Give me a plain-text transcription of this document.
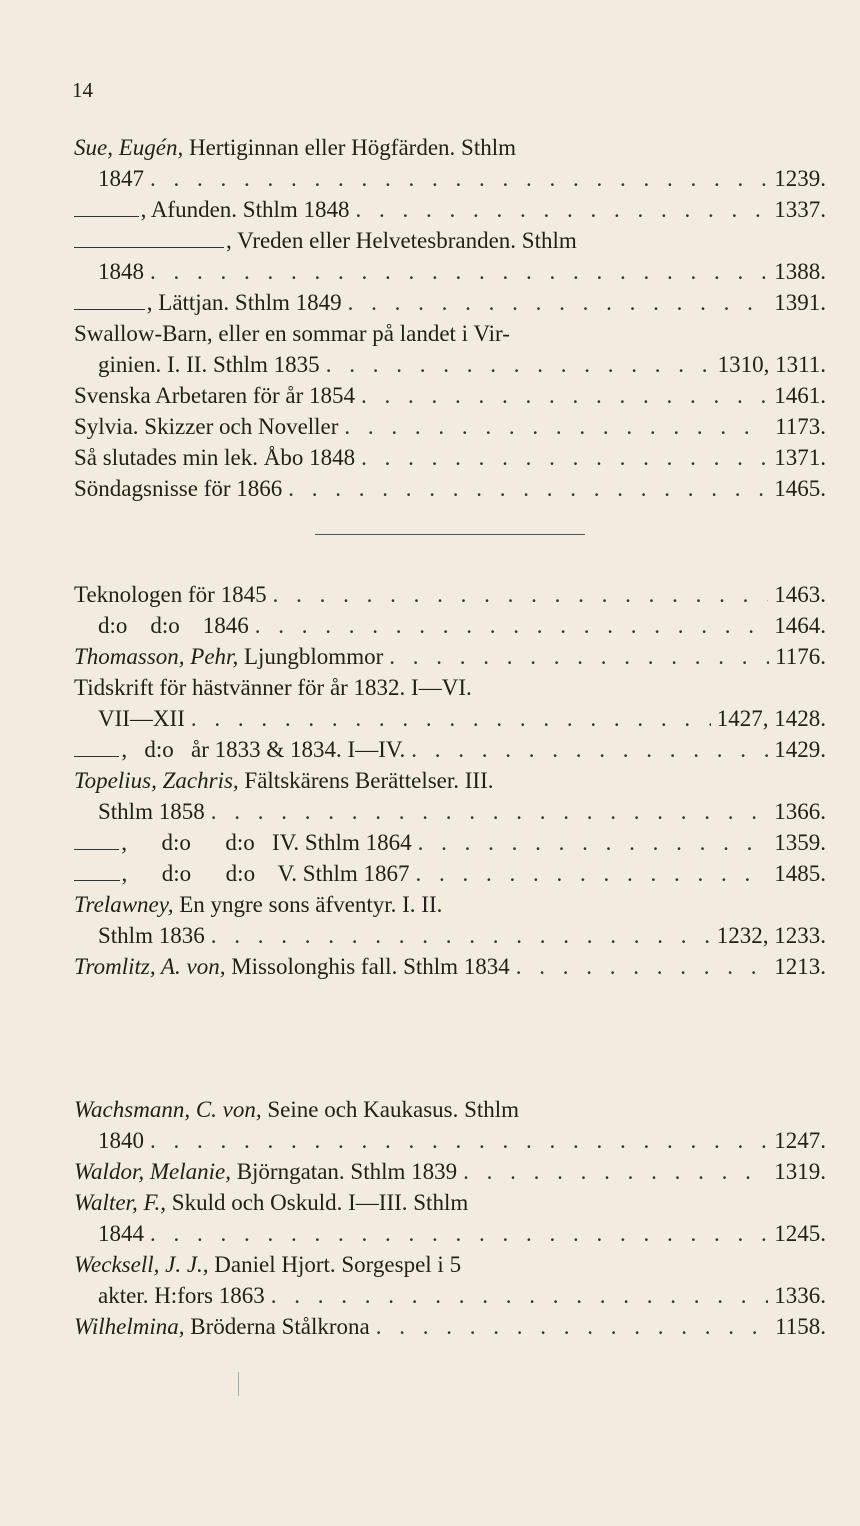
14
Sue, Eugén,
Hertiginnan eller Högfärden. Sthlm
1847 . . .	1239.
, Afunden. Sthlm 1848 . . .	1337.
, Vreden eller Helvetesbranden. Sthlm
1848 . . .	1388.
, Lättjan. Sthlm 1849 . . .	1391.
Swallow-Barn, eller en sommar på landet i Vir-
ginien. I. II. Sthlm 1835 . . .	1310, 1311.
Svenska Arbetaren för år 1854 . . .	1461.
Sylvia. Skizzer och Noveller . . .	1173.
Så slutades min lek. Åbo 1848 . . .	1371.
Söndagsnisse för 1866 . . .	1465.
Teknologen för 1845 . . .	1463.
d:o    d:o    1846 . . .	1464.
Thomasson, Pehr,
Ljungblommor . . .	1176.
Tidskrift för hästvänner för år 1832. I—VI.
VII—XII . . .	1427, 1428.
,   d:o   år 1833 & 1834. I—IV. . . .	1429.
Topelius, Zachris,
Fältskärens Berättelser. III.
Sthlm 1858 . . .	1366.
,      d:o      d:o   IV. Sthlm 1864 . . .	1359.
,      d:o      d:o    V. Sthlm 1867 . . .	1485.
Trelawney,
En yngre sons äfventyr. I. II.
Sthlm 1836 . . .	1232, 1233.
Tromlitz, A. von,
Missolonghis fall. Sthlm 1834 . . .	1213.
Wachsmann, C. von,
Seine och Kaukasus. Sthlm
1840 . . .	1247.
Waldor, Melanie,
Björngatan. Sthlm 1839 . . .	1319.
Walter, F.,
Skuld och Oskuld. I—III. Sthlm
1844 . . .	1245.
Wecksell, J. J.,
Daniel Hjort. Sorgespel i 5
akter. H:fors 1863 . . .	1336.
Wilhelmina,
Bröderna Stålkrona . . .	1158.
